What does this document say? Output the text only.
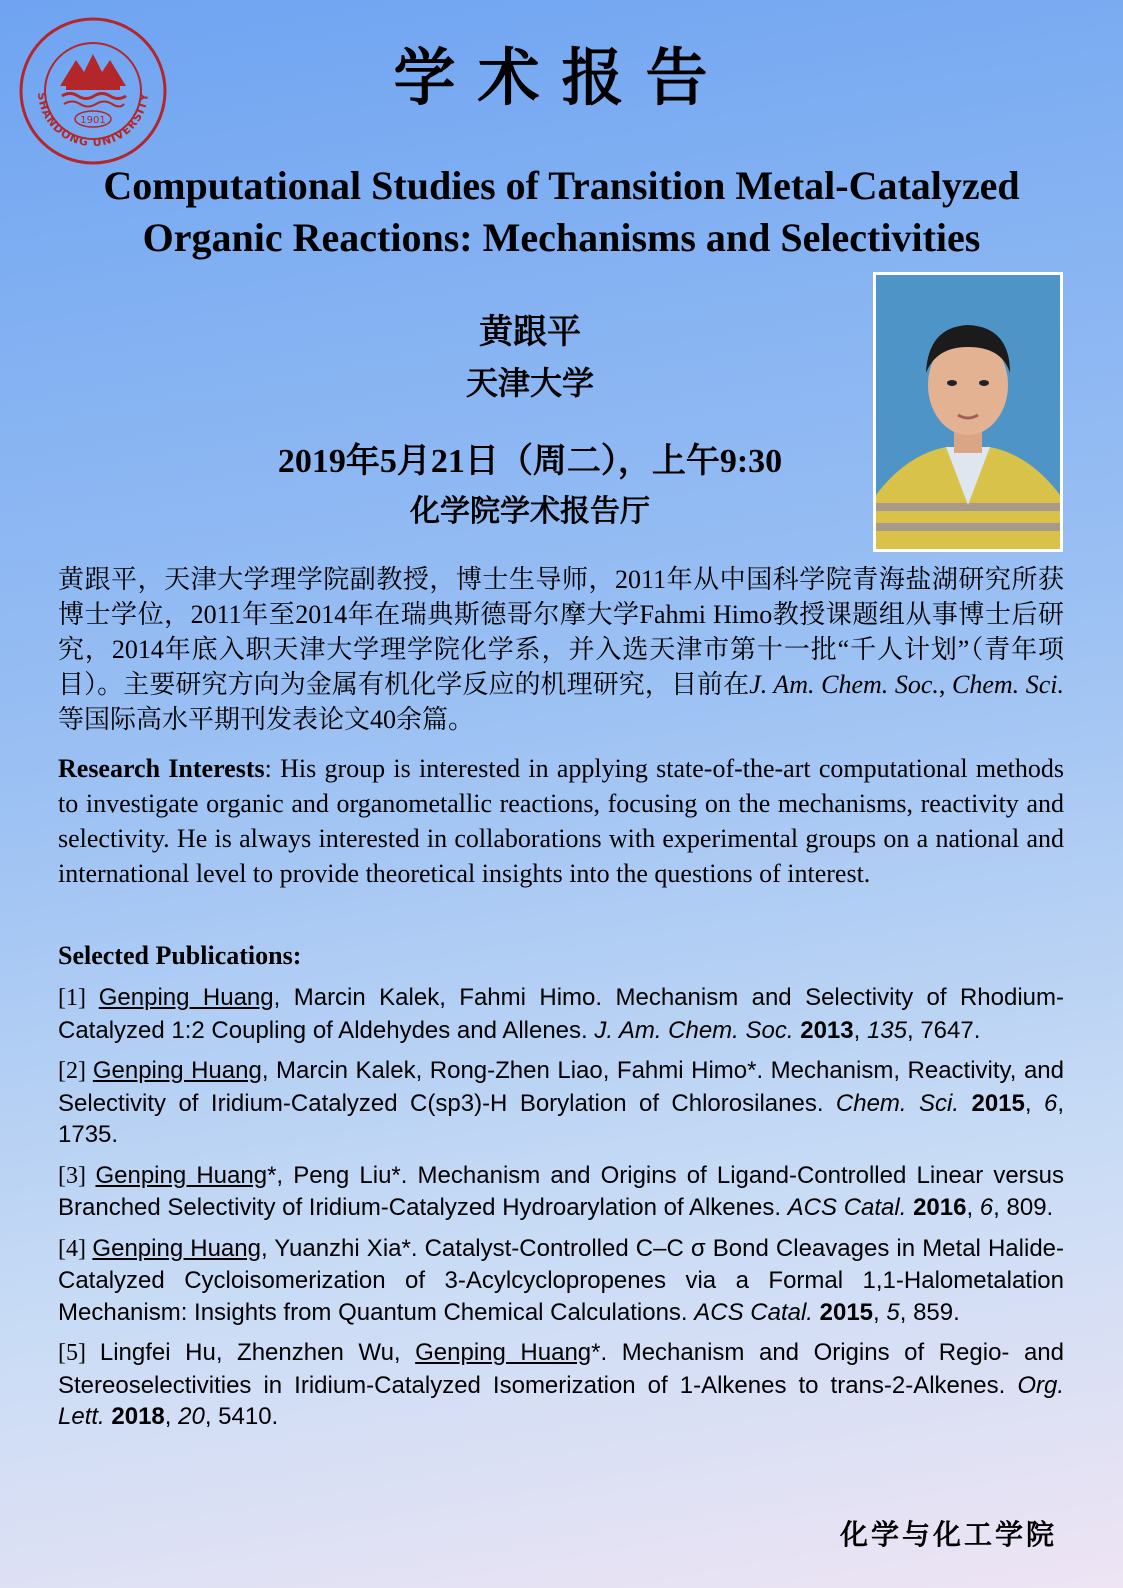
SHANDONG UNIVERSITY
1901
学术报告
Computational Studies of Transition Metal-Catalyzed
Organic Reactions: Mechanisms and Selectivities
黄跟平
天津大学
2019年5月21日（周二），上午9:30
化学院学术报告厅
黄跟平，天津大学理学院副教授，博士生导师，2011年从中国科学院青海盐湖研究所获博士学位，2011年至2014年在瑞典斯德哥尔摩大学Fahmi Himo教授课题组从事博士后研究，2014年底入职天津大学理学院化学系，并入选天津市第十一批“千人计划”（青年项目）。主要研究方向为金属有机化学反应的机理研究，目前在J. Am. Chem. Soc., Chem. Sci. 等国际高水平期刊发表论文40余篇。
Research Interests: His group is interested in applying state-of-the-art computational methods to investigate organic and organometallic reactions, focusing on the mechanisms, reactivity and selectivity. He is always interested in collaborations with experimental groups on a national and international level to provide theoretical insights into the questions of interest.
Selected Publications:
[1] Genping Huang, Marcin Kalek, Fahmi Himo. Mechanism and Selectivity of Rhodium-Catalyzed 1:2 Coupling of Aldehydes and Allenes. J. Am. Chem. Soc. 2013, 135, 7647.
[2] Genping Huang, Marcin Kalek, Rong-Zhen Liao, Fahmi Himo*. Mechanism, Reactivity, and Selectivity of Iridium-Catalyzed C(sp3)-H Borylation of Chlorosilanes. Chem. Sci. 2015, 6, 1735.
[3] Genping Huang*, Peng Liu*. Mechanism and Origins of Ligand-Controlled Linear versus Branched Selectivity of Iridium-Catalyzed Hydroarylation of Alkenes. ACS Catal. 2016, 6, 809.
[4] Genping Huang, Yuanzhi Xia*. Catalyst-Controlled C–C σ Bond Cleavages in Metal Halide-Catalyzed Cycloisomerization of 3-Acylcyclopropenes via a Formal 1,1-Halometalation Mechanism: Insights from Quantum Chemical Calculations. ACS Catal. 2015, 5, 859.
[5] Lingfei Hu, Zhenzhen Wu, Genping Huang*. Mechanism and Origins of Regio- and Stereoselectivities in Iridium-Catalyzed Isomerization of 1-Alkenes to trans-2-Alkenes. Org. Lett. 2018, 20, 5410.
化学与化工学院
